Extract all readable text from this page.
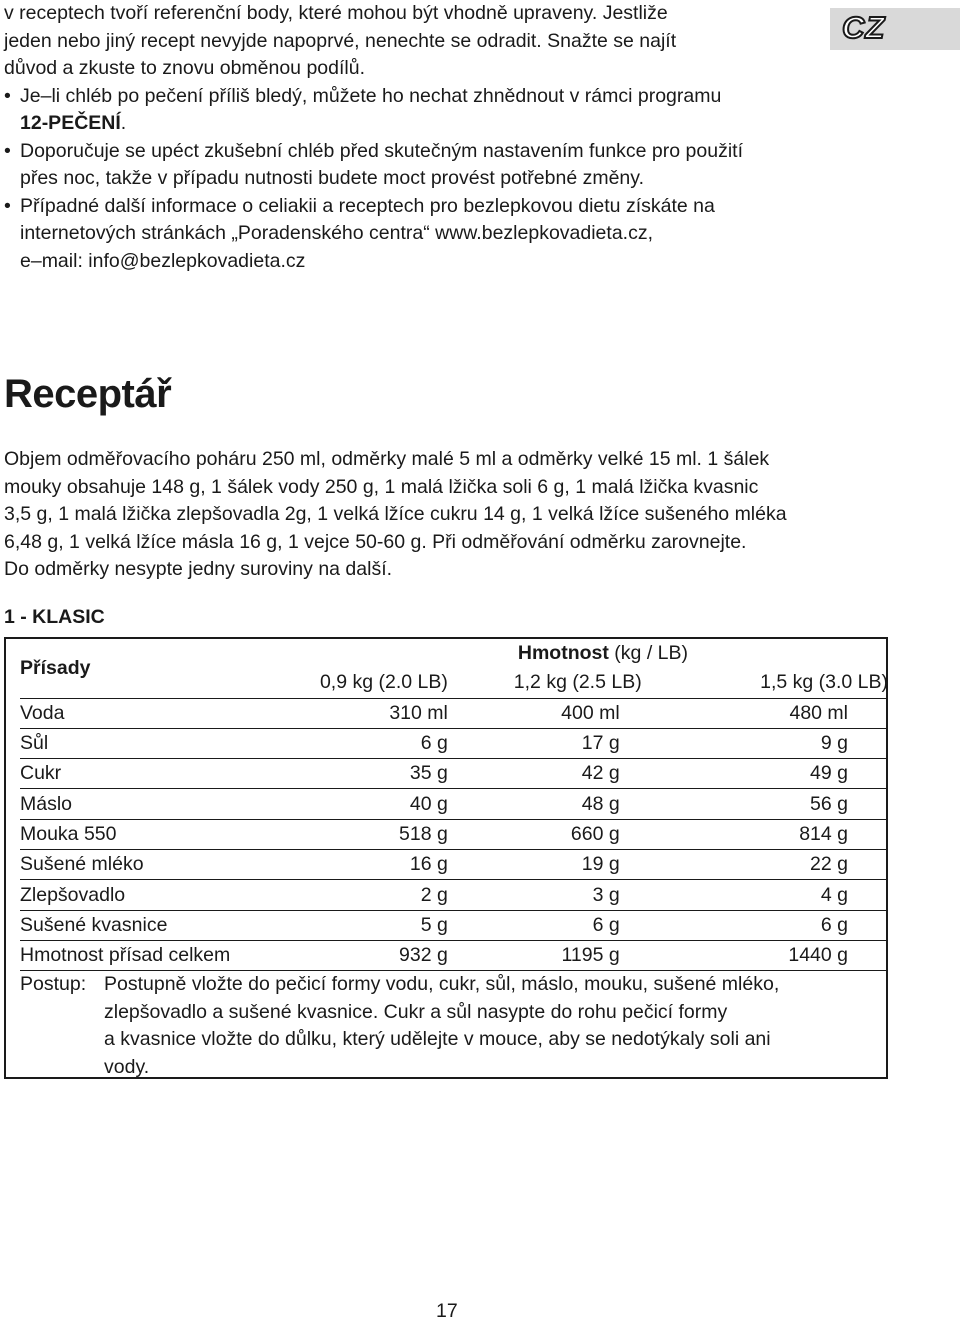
CZ

v receptech tvoří referenční body, které mohou být vhodně upraveny. Jestliže

jeden nebo jiný recept nevyjde napoprvé, nenechte se odradit. Snažte se najít

důvod a zkuste to znovu obměnou podílů.

• Je–li chléb po pečení příliš bledý, můžete ho nechat zhnědnout v rámci programu

12-PEČENÍ.

• Doporučuje se upéct zkušební chléb před skutečným nastavením funkce pro použití

přes noc, takže v případu nutnosti budete moct provést potřebné změny.

• Případné další informace o celiakii a receptech pro bezlepkovou dietu získáte na

internetových stránkách „Poradenského centra“ www.bezlepkovadieta.cz,

e–mail: info@bezlepkovadieta.cz

Receptář
Objem odměřovacího poháru 250 ml, odměrky malé 5 ml a odměrky velké 15 ml. 1 šálek
mouky obsahuje 148 g, 1 šálek vody 250 g, 1 malá lžička soli 6 g, 1 malá lžička kvasnic
3,5 g, 1 malá lžička zlepšovadla 2g, 1 velká lžíce cukru 14 g, 1 velká lžíce sušeného mléka
6,48 g, 1 velká lžíce másla 16 g, 1 vejce 50-60 g. Při odměřování odměrku zarovnejte.
Do odměrky nesypte jedny suroviny na další.

1 - KLASIC

Přísady	Hmotnost (kg / LB)		
	0,9 kg (2.0 LB)	1,2 kg (2.5 LB)	1,5 kg (3.0 LB)
Voda	310 ml	400 ml	480 ml
Sůl	6 g	17 g	9 g
Cukr	35 g	42 g	49 g
Máslo	40 g	48 g	56 g
Mouka 550	518 g	660 g	814 g
Sušené mléko	16 g	19 g	22 g
Zlepšovadlo	2 g	3 g	4 g
Sušené kvasnice	5 g	6 g	6 g
Hmotnost přísad celkem	932 g	1195 g	1440 g
Postup: Postupně vložte do pečicí formy vodu, cukr, sůl, máslo, mouku, sušené mléko,
zlepšovadlo a sušené kvasnice. Cukr a sůl nasypte do rohu pečicí formy
a kvasnice vložte do důlku, který udělejte v mouce, aby se nedotýkaly soli ani
vody.
17
